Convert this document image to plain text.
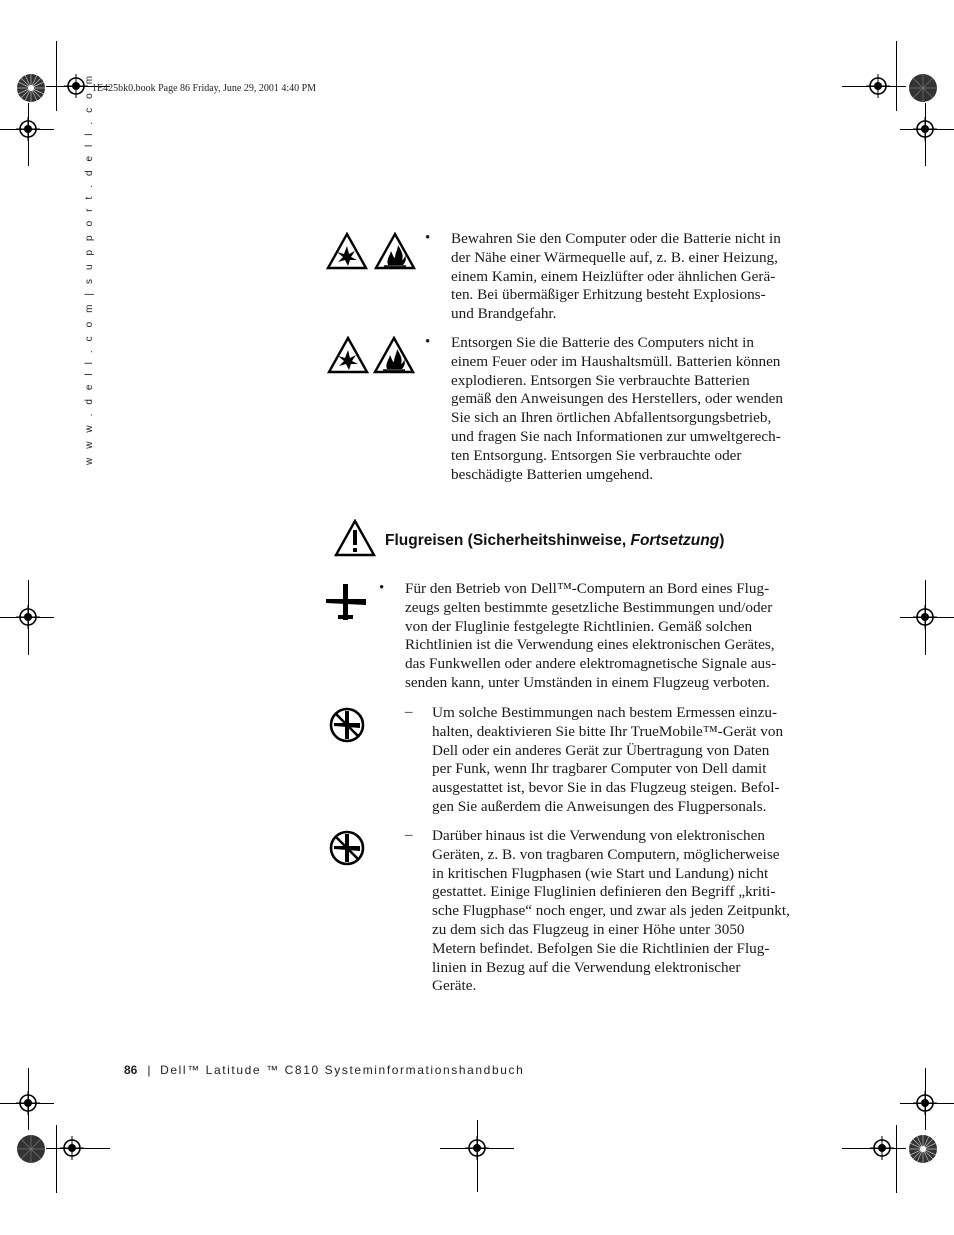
1E425bk0.book Page 86 Friday, June 29, 2001 4:40 PM
w w w . d e l l . c o m | s u p p o r t . d e l l . c o m	• Bewahren Sie den Computer oder die Batterie nicht in
der Nähe einer Wärmequelle auf, z. B. einer Heizung,
einem Kamin, einem Heizlüfter oder ähnlichen Gerä-
ten. Bei übermäßiger Erhitzung besteht Explosions-
und Brandgefahr.
• Entsorgen Sie die Batterie des Computers nicht in
einem Feuer oder im Haushaltsmüll. Batterien können
explodieren. Entsorgen Sie verbrauchte Batterien
gemäß den Anweisungen des Herstellers, oder wenden
Sie sich an Ihren örtlichen Abfallentsorgungsbetrieb,
und fragen Sie nach Informationen zur umweltgerech-
ten Entsorgung. Entsorgen Sie verbrauchte oder
beschädigte Batterien umgehend.
Flugreisen (Sicherheitshinweise, Fortsetzung)
• Für den Betrieb von Dell™-Computern an Bord eines Flug-
zeugs gelten bestimmte gesetzliche Bestimmungen und/oder
von der Fluglinie festgelegte Richtlinien. Gemäß solchen
Richtlinien ist die Verwendung eines elektronischen Gerätes,
das Funkwellen oder andere elektromagnetische Signale aus-
senden kann, unter Umständen in einem Flugzeug verboten.
– Um solche Bestimmungen nach bestem Ermessen einzu-
halten, deaktivieren Sie bitte Ihr TrueMobile™-Gerät von
Dell oder ein anderes Gerät zur Übertragung von Daten
per Funk, wenn Ihr tragbarer Computer von Dell damit
ausgestattet ist, bevor Sie in das Flugzeug steigen. Befol-
gen Sie außerdem die Anweisungen des Flugpersonals.
– Darüber hinaus ist die Verwendung von elektronischen
Geräten, z. B. von tragbaren Computern, möglicherweise
in kritischen Flugphasen (wie Start und Landung) nicht
gestattet. Einige Fluglinien definieren den Begriff „kriti-
sche Flugphase“ noch enger, und zwar als jeden Zeitpunkt,
zu dem sich das Flugzeug in einer Höhe unter 3050
Metern befindet. Befolgen Sie die Richtlinien der Flug-
linien in Bezug auf die Verwendung elektronischer
Geräte.
86 | Dell™ Latitude ™ C810 Systeminformationshandbuch
